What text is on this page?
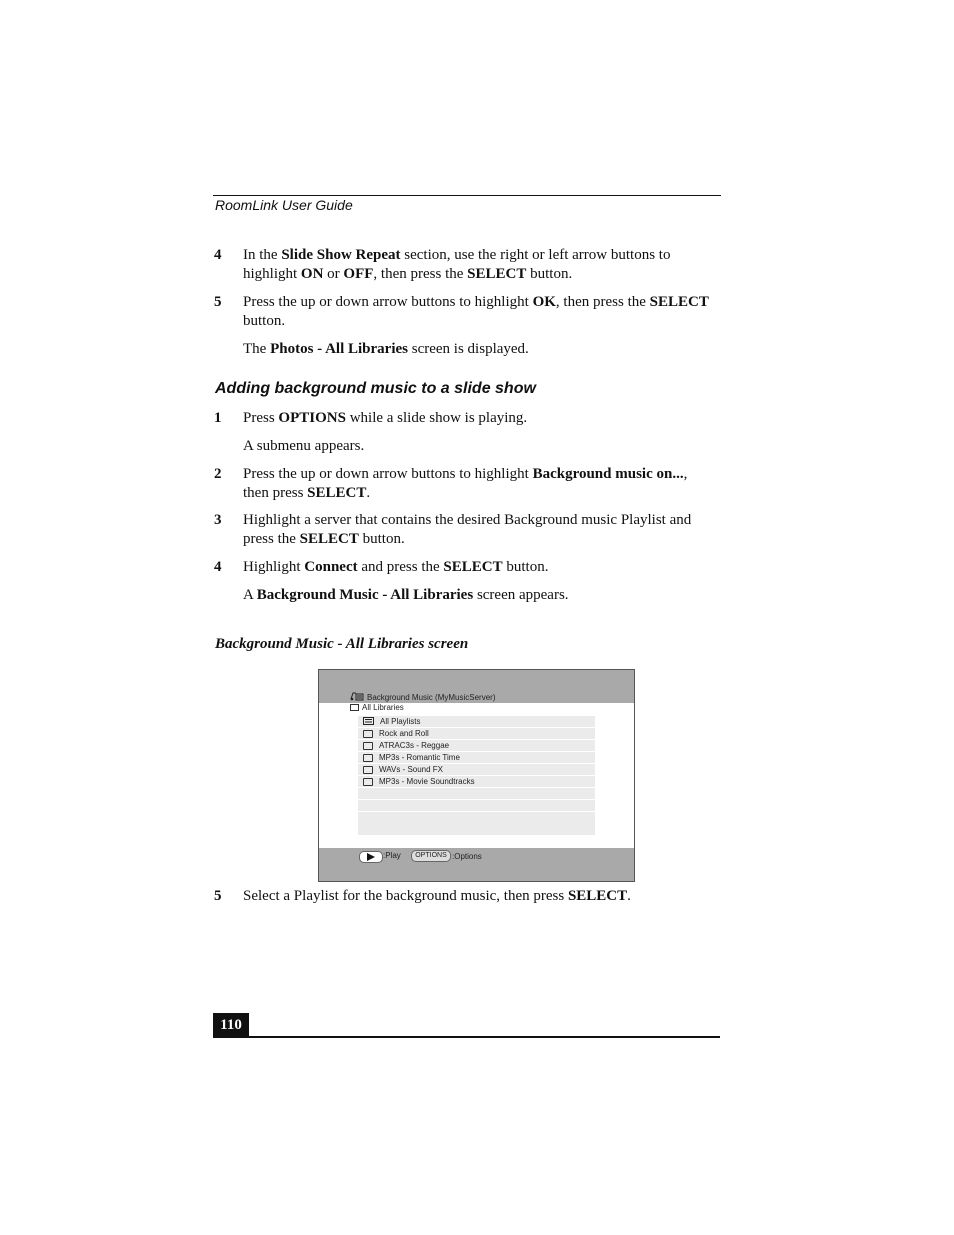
RoomLink User Guide
4 In the Slide Show Repeat section, use the right or left arrow buttons to highlight ON or OFF, then press the SELECT button.
5 Press the up or down arrow buttons to highlight OK, then press the SELECT button.
The Photos - All Libraries screen is displayed.
Adding background music to a slide show
1 Press OPTIONS while a slide show is playing.
A submenu appears.
2 Press the up or down arrow buttons to highlight Background music on..., then press SELECT.
3 Highlight a server that contains the desired Background music Playlist and press the SELECT button.
4 Highlight Connect and press the SELECT button.
A Background Music - All Libraries screen appears.
Background Music - All Libraries screen
Background Music (MyMusicServer)
All Libraries
All Playlists
Rock and Roll
ATRAC3s - Reggae
MP3s - Romantic Time
WAVs - Sound FX
MP3s - Movie Soundtracks
:Play	OPTIONS :Options
5 Select a Playlist for the background music, then press SELECT.
110
